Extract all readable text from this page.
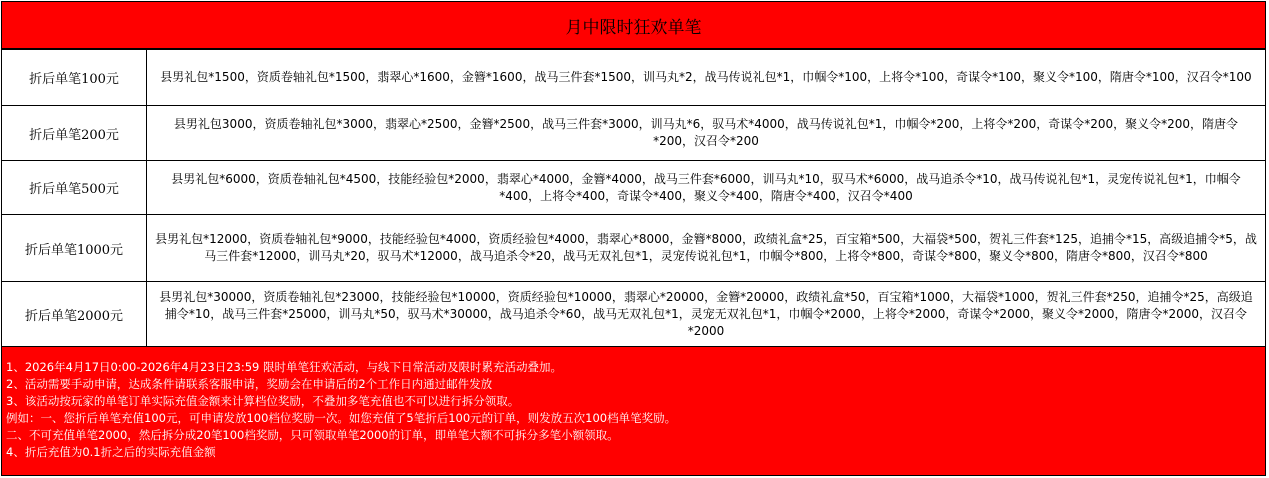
月中限时狂欢单笔
折后单笔100元	县男礼包*1500，资质卷轴礼包*1500，翡翠心*1600，金簪*1600，战马三件套*1500，训马丸*2，战马传说礼包*1，巾帼令*100，上将令*100，奇谋令*100，聚义令*100，隋唐令*100，汉召令*100
折后单笔200元	县男礼包3000，资质卷轴礼包*3000，翡翠心*2500，金簪*2500，战马三件套*3000，训马丸*6，驭马术*4000，战马传说礼包*1，巾帼令*200，上将令*200，奇谋令*200，聚义令*200，隋唐令*200，汉召令*200
折后单笔500元	县男礼包*6000，资质卷轴礼包*4500，技能经验包*2000，翡翠心*4000，金簪*4000，战马三件套*6000，训马丸*10，驭马术*6000，战马追杀令*10，战马传说礼包*1，灵宠传说礼包*1，巾帼令*400，上将令*400，奇谋令*400，聚义令*400，隋唐令*400，汉召令*400
折后单笔1000元	县男礼包*12000，资质卷轴礼包*9000，技能经验包*4000，资质经验包*4000，翡翠心*8000，金簪*8000，政绩礼盒*25，百宝箱*500，大福袋*500，贺礼三件套*125，追捕令*15，高级追捕令*5，战马三件套*12000，训马丸*20，驭马术*12000，战马追杀令*20，战马无双礼包*1，灵宠传说礼包*1，巾帼令*800，上将令*800，奇谋令*800，聚义令*800，隋唐令*800，汉召令*800
折后单笔2000元	县男礼包*30000，资质卷轴礼包*23000，技能经验包*10000，资质经验包*10000，翡翠心*20000，金簪*20000，政绩礼盒*50，百宝箱*1000，大福袋*1000，贺礼三件套*250，追捕令*25，高级追捕令*10，战马三件套*25000，训马丸*50，驭马术*30000，战马追杀令*60，战马无双礼包*1，灵宠无双礼包*1，巾帼令*2000，上将令*2000，奇谋令*2000，聚义令*2000，隋唐令*2000，汉召令*2000
1、2026年4月17日0:00-2026年4月23日23:59 限时单笔狂欢活动，与线下日常活动及限时累充活动叠加。
2、活动需要手动申请，达成条件请联系客服申请，奖励会在申请后的2个工作日内通过邮件发放
3、该活动按玩家的单笔订单实际充值金额来计算档位奖励，不叠加多笔充值也不可以进行拆分领取。
例如：一、您折后单笔充值100元，可申请发放100档位奖励一次。如您充值了5笔折后100元的订单，则发放五次100档单笔奖励。
二、不可充值单笔2000，然后拆分成20笔100档奖励，只可领取单笔2000的订单，即单笔大额不可拆分多笔小额领取。
4、折后充值为0.1折之后的实际充值金额
